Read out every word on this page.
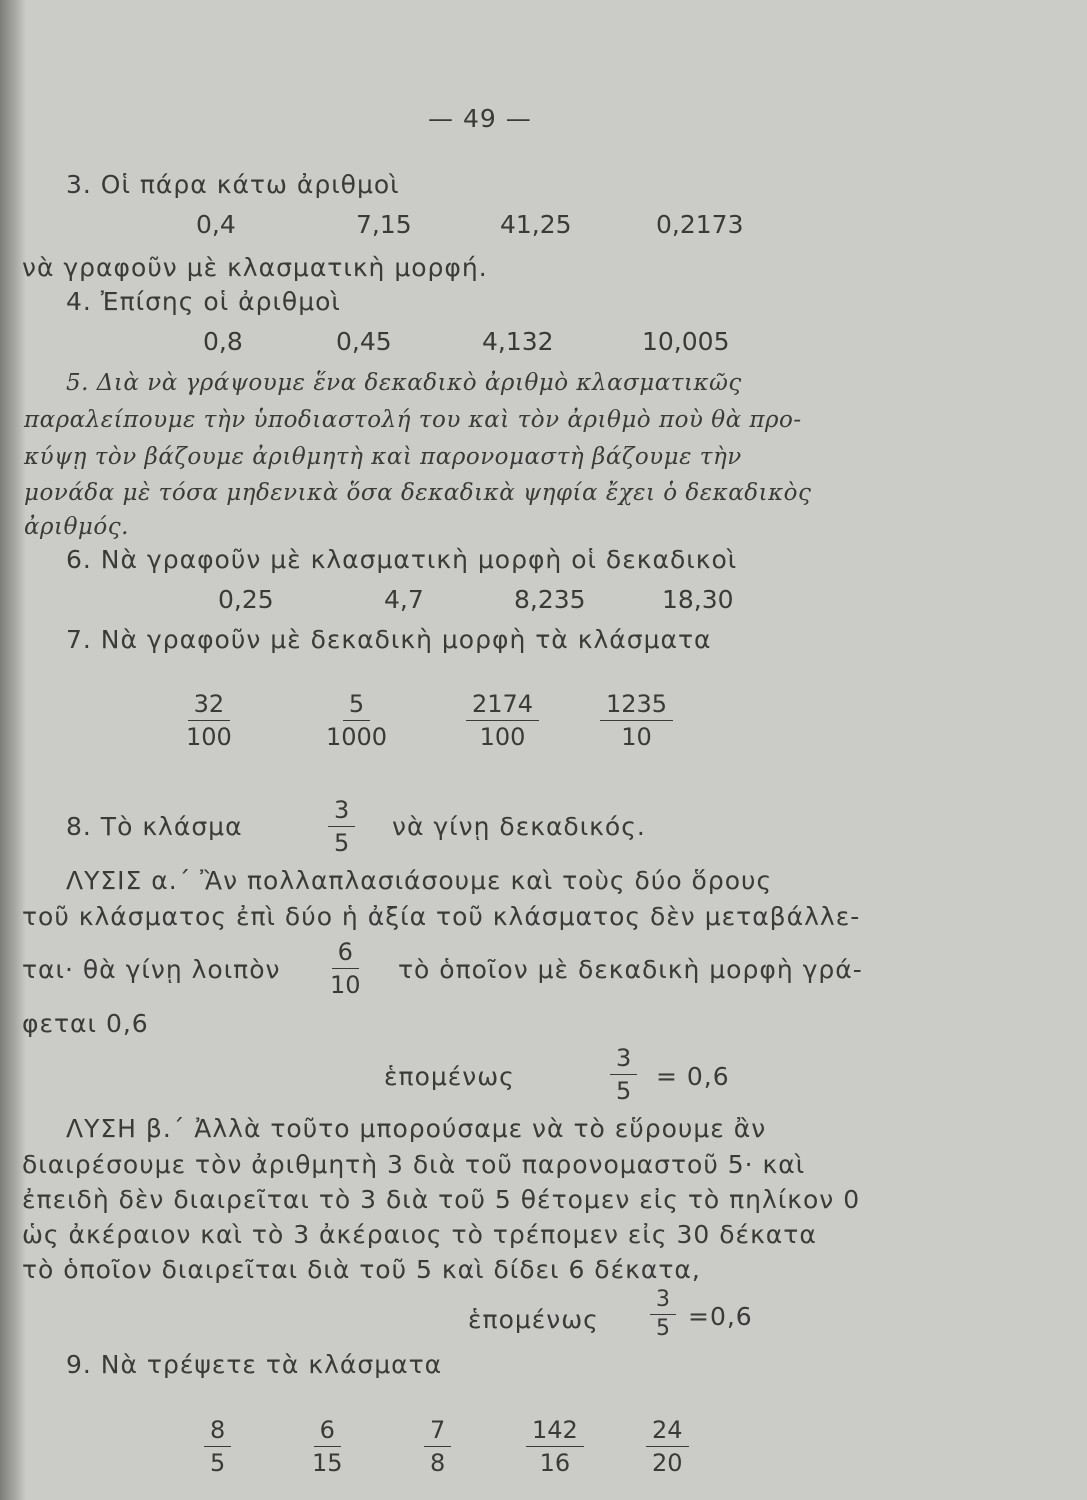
— 49 —
3. Οἱ πάρα κάτω ἀριθμοὶ
0,4	7,15	41,25	0,2173
νὰ γραφοῦν μὲ κλασματικὴ μορφή.
4. Ἐπίσης οἱ ἀριθμοὶ
0,8	0,45	4,132	10,005
5. Διὰ νὰ γράψουμε ἕνα δεκαδικὸ ἀριθμὸ κλασματικῶς
παραλείπουμε τὴν ὑποδιαστολή του καὶ τὸν ἀριθμὸ ποὺ θὰ προ-
κύψῃ τὸν βάζουμε ἀριθμητὴ καὶ παρονομαστὴ βάζουμε τὴν
μονάδα μὲ τόσα μηδενικὰ ὅσα δεκαδικὰ ψηφία ἔχει ὁ δεκαδικὸς
ἀριθμός.
6. Νὰ γραφοῦν μὲ κλασματικὴ μορφὴ οἱ δεκαδικοὶ
0,25	4,7	8,235	18,30
7. Νὰ γραφοῦν μὲ δεκαδικὴ μορφὴ τὰ κλάσματα
$\frac{32}{100}$	$\frac{5}{1000}$	$\frac{2174}{100}$	$\frac{1235}{10}$
8. Τὸ κλάσμα	$\frac{3}{5}$ νὰ γίνῃ δεκαδικός.
ΛΥΣΙΣ α.΄ Ἂν πολλαπλασιάσουμε καὶ τοὺς δύο ὅρους
τοῦ κλάσματος ἐπὶ δύο ἡ ἀξία τοῦ κλάσματος δὲν μεταβάλλε-
ται· θὰ γίνῃ λοιπὸν $\frac{6}{10}$ τὸ ὁποῖον μὲ δεκαδικὴ μορφὴ γρά-
φεται 0,6
ἑπομένως	$\frac{3}{5} = 0,6$
ΛΥΣΗ β.΄ Ἀλλὰ τοῦτο μπορούσαμε νὰ τὸ εὕρουμε ἂν
διαιρέσουμε τὸν ἀριθμητὴ 3 διὰ τοῦ παρονομαστοῦ 5· καὶ
ἐπειδὴ δὲν διαιρεῖται τὸ 3 διὰ τοῦ 5 θέτομεν εἰς τὸ πηλίκον 0
ὡς ἀκέραιον καὶ τὸ 3 ἀκέραιος τὸ τρέπομεν εἰς 30 δέκατα
τὸ ὁποῖον διαιρεῖται διὰ τοῦ 5 καὶ δίδει 6 δέκατα,
ἑπομένως $\frac{3}{5} =0,6$
9. Νὰ τρέψετε τὰ κλάσματα
$\frac{8}{5}$	$\frac{6}{15}$	$\frac{7}{8}$	$\frac{142}{16}$	$\frac{24}{20}$
